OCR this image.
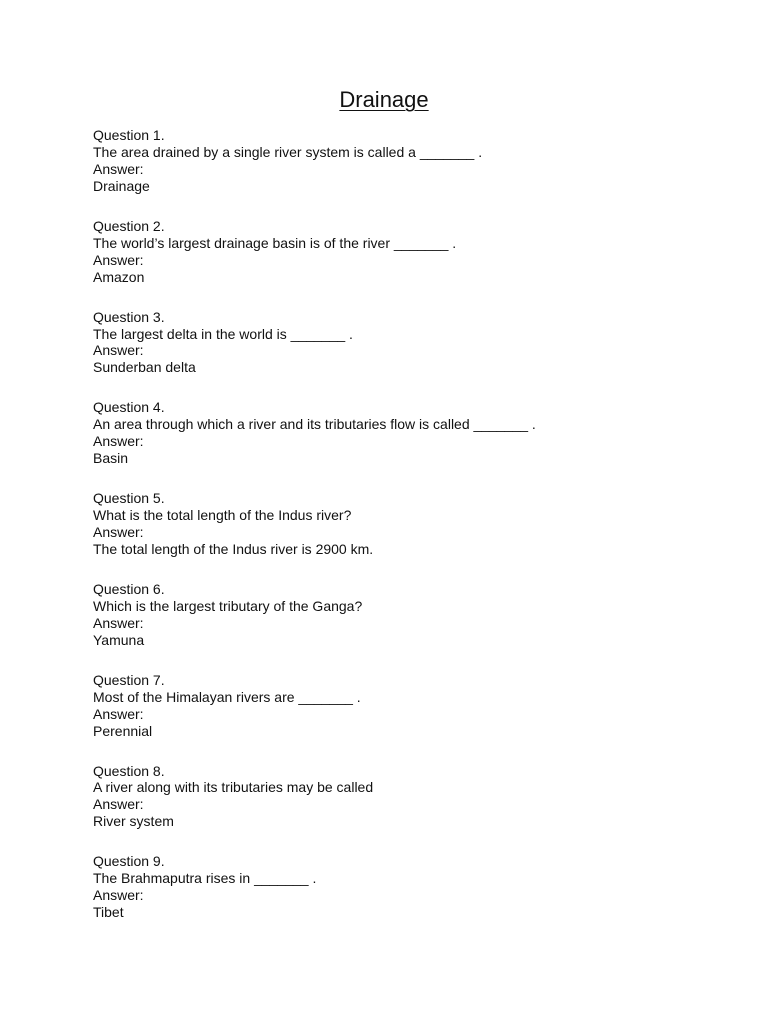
Drainage
Question 1.
The area drained by a single river system is called a _______ .
Answer:
Drainage
Question 2.
The world’s largest drainage basin is of the river _______ .
Answer:
Amazon
Question 3.
The largest delta in the world is _______ .
Answer:
Sunderban delta
Question 4.
An area through which a river and its tributaries flow is called _______ .
Answer:
Basin
Question 5.
What is the total length of the Indus river?
Answer:
The total length of the Indus river is 2900 km.
Question 6.
Which is the largest tributary of the Ganga?
Answer:
Yamuna
Question 7.
Most of the Himalayan rivers are _______ .
Answer:
Perennial
Question 8.
A river along with its tributaries may be called
Answer:
River system
Question 9.
The Brahmaputra rises in _______ .
Answer:
Tibet
